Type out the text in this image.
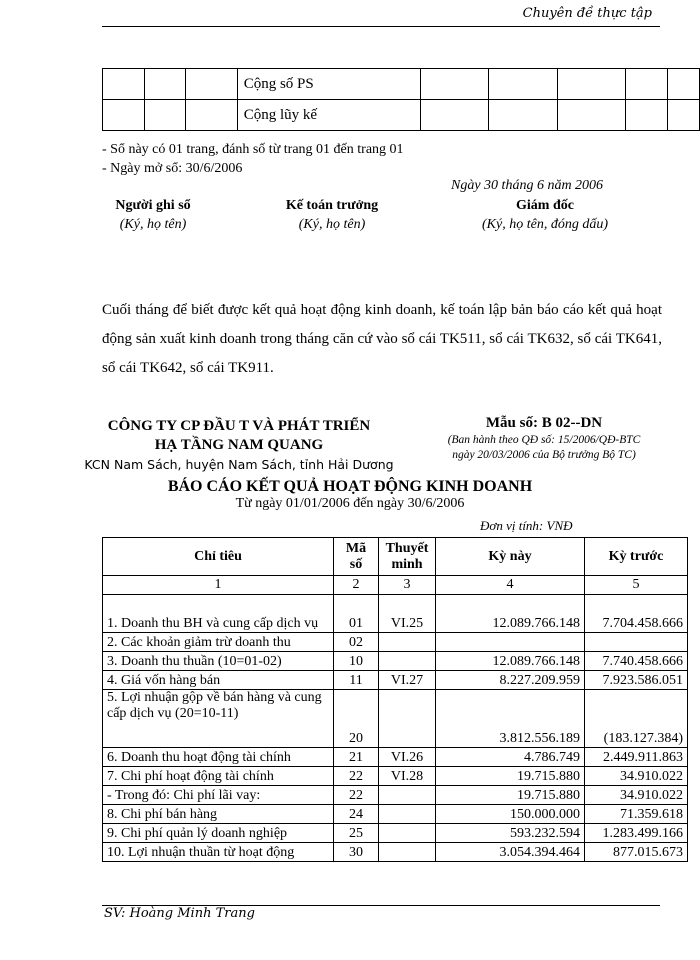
Chuyên đề thực tập
			Cộng số PS					
			Cộng lũy kế					
- Sổ này có 01 trang, đánh số từ trang 01 đến trang 01
- Ngày mở sổ: 30/6/2006
Ngày 30 tháng 6 năm 2006
Người ghi sổ
(Ký, họ tên)
Kế toán trưởng
(Ký, họ tên)
Giám đốc
(Ký, họ tên, đóng dấu)
Cuối tháng để biết được kết quả hoạt động kinh doanh, kế toán lập bản báo cáo kết quả hoạt động sản xuất kinh doanh trong tháng căn cứ vào sổ cái TK511, sổ cái TK632, sổ cái TK641, sổ cái TK642, sổ cái TK911.
CÔNG TY CP ĐẦU T VÀ PHÁT TRIỂN
HẠ TẦNG NAM QUANG
KCN Nam Sách, huyện Nam Sách, tỉnh Hải Dương
Mẫu số: B 02--DN
(Ban hành theo QĐ số: 15/2006/QĐ-BTC
ngày 20/03/2006 của Bộ trưởng Bộ TC)
BÁO CÁO KẾT QUẢ HOẠT ĐỘNG KINH DOANH
Từ ngày 01/01/2006 đến ngày 30/6/2006
Đơn vị tính: VNĐ
Chỉ tiêu	Mã số	Thuyết minh	Kỳ này	Kỳ trước
1	2	3	4	5
1. Doanh thu BH và cung cấp dịch vụ	01	VI.25	12.089.766.148	7.704.458.666
2. Các khoản giảm trừ doanh thu	02			
3. Doanh thu thuần (10=01-02)	10		12.089.766.148	7.740.458.666
4. Giá vốn hàng bán	11	VI.27	8.227.209.959	7.923.586.051
5. Lợi nhuận gộp về bán hàng và cung cấp dịch vụ (20=10-11)	20		3.812.556.189	(183.127.384)
6. Doanh thu hoạt động tài chính	21	VI.26	4.786.749	2.449.911.863
7. Chi phí hoạt động tài chính	22	VI.28	19.715.880	34.910.022
- Trong đó: Chi phí lãi vay:	22		19.715.880	34.910.022
8. Chi phí bán hàng	24		150.000.000	71.359.618
9. Chi phí quản lý doanh nghiệp	25		593.232.594	1.283.499.166
10. Lợi nhuận thuần từ hoạt động	30		3.054.394.464	877.015.673
SV: Hoàng Minh Trang
